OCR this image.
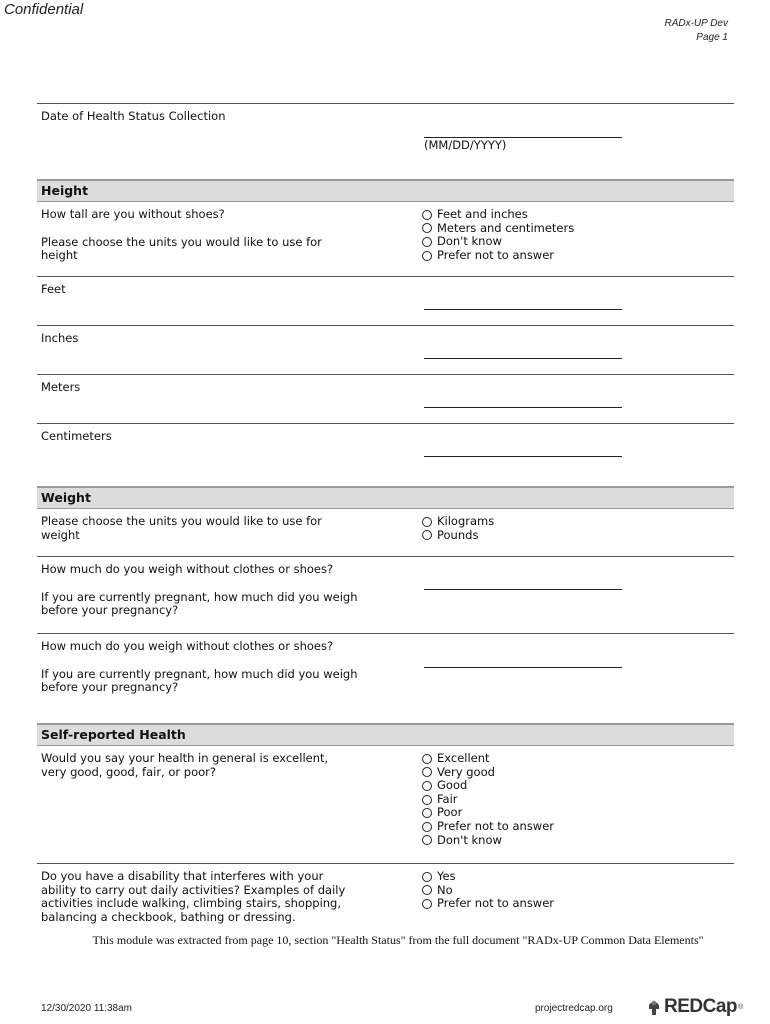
Confidential
RADx-UP Dev
Page 1
Date of Health Status Collection
(MM/DD/YYYY)
Height

How tall are you without shoes?

Please choose the units you would like to use for height

Feet and inches
Meters and centimeters
Don't know
Prefer not to answer
Feet
Inches
Meters
Centimeters
Weight
Please choose the units you would like to use for weight
Kilograms
Pounds

How much do you weigh without clothes or shoes?

If you are currently pregnant, how much did you weigh before your pregnancy?

How much do you weigh without clothes or shoes?

If you are currently pregnant, how much did you weigh before your pregnancy?

Self-reported Health
Would you say your health in general is excellent, very good, good, fair, or poor?
Excellent
Very good
Good
Fair
Poor
Prefer not to answer
Don't know
Do you have a disability that interferes with your ability to carry out daily activities? Examples of daily activities include walking, climbing stairs, shopping, balancing a checkbook, bathing or dressing.
Yes
No
Prefer not to answer
This module was extracted from page 10, section "Health Status" from the full document "RADx-UP Common Data Elements"
12/30/2020 11:38am	projectredcap.org	REDCap ®
